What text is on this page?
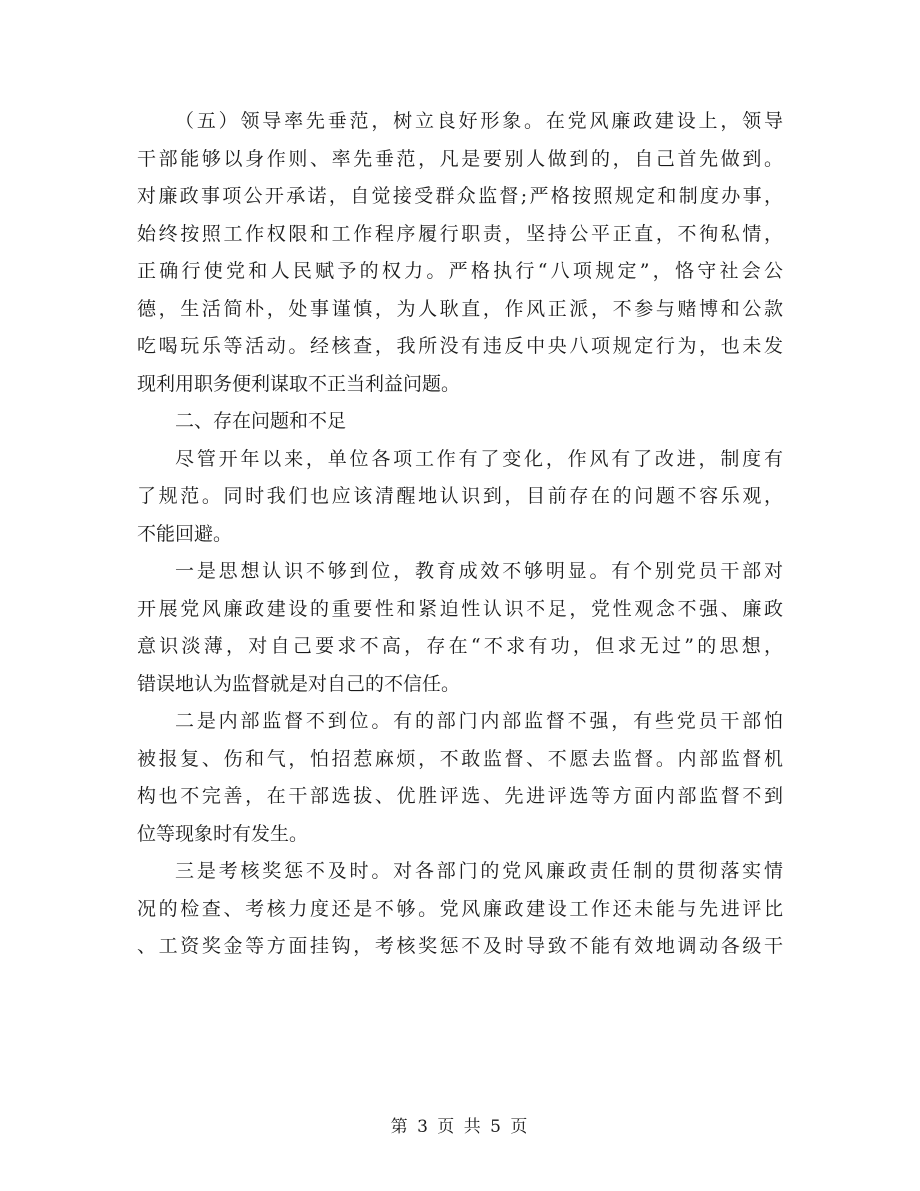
（五）领导率先垂范，树立良好形象。在党风廉政建设上，领导
干部能够以身作则、率先垂范，凡是要别人做到的，自己首先做到。
对廉政事项公开承诺，自觉接受群众监督;严格按照规定和制度办事，
始终按照工作权限和工作程序履行职责，坚持公平正直，不徇私情，
正确行使党和人民赋予的权力。严格执行“八项规定”，恪守社会公
德，生活简朴，处事谨慎，为人耿直，作风正派，不参与赌博和公款
吃喝玩乐等活动。经核查，我所没有违反中央八项规定行为，也未发
现利用职务便利谋取不正当利益问题。
二、存在问题和不足
尽管开年以来，单位各项工作有了变化，作风有了改进，制度有
了规范。同时我们也应该清醒地认识到，目前存在的问题不容乐观，
不能回避。
一是思想认识不够到位，教育成效不够明显。有个别党员干部对
开展党风廉政建设的重要性和紧迫性认识不足，党性观念不强、廉政
意识淡薄，对自己要求不高，存在“不求有功，但求无过”的思想，
错误地认为监督就是对自己的不信任。
二是内部监督不到位。有的部门内部监督不强，有些党员干部怕
被报复、伤和气，怕招惹麻烦，不敢监督、不愿去监督。内部监督机
构也不完善，在干部选拔、优胜评选、先进评选等方面内部监督不到
位等现象时有发生。
三是考核奖惩不及时。对各部门的党风廉政责任制的贯彻落实情
况的检查、考核力度还是不够。党风廉政建设工作还未能与先进评比
、工资奖金等方面挂钩，考核奖惩不及时导致不能有效地调动各级干
第 3 页 共 5 页
